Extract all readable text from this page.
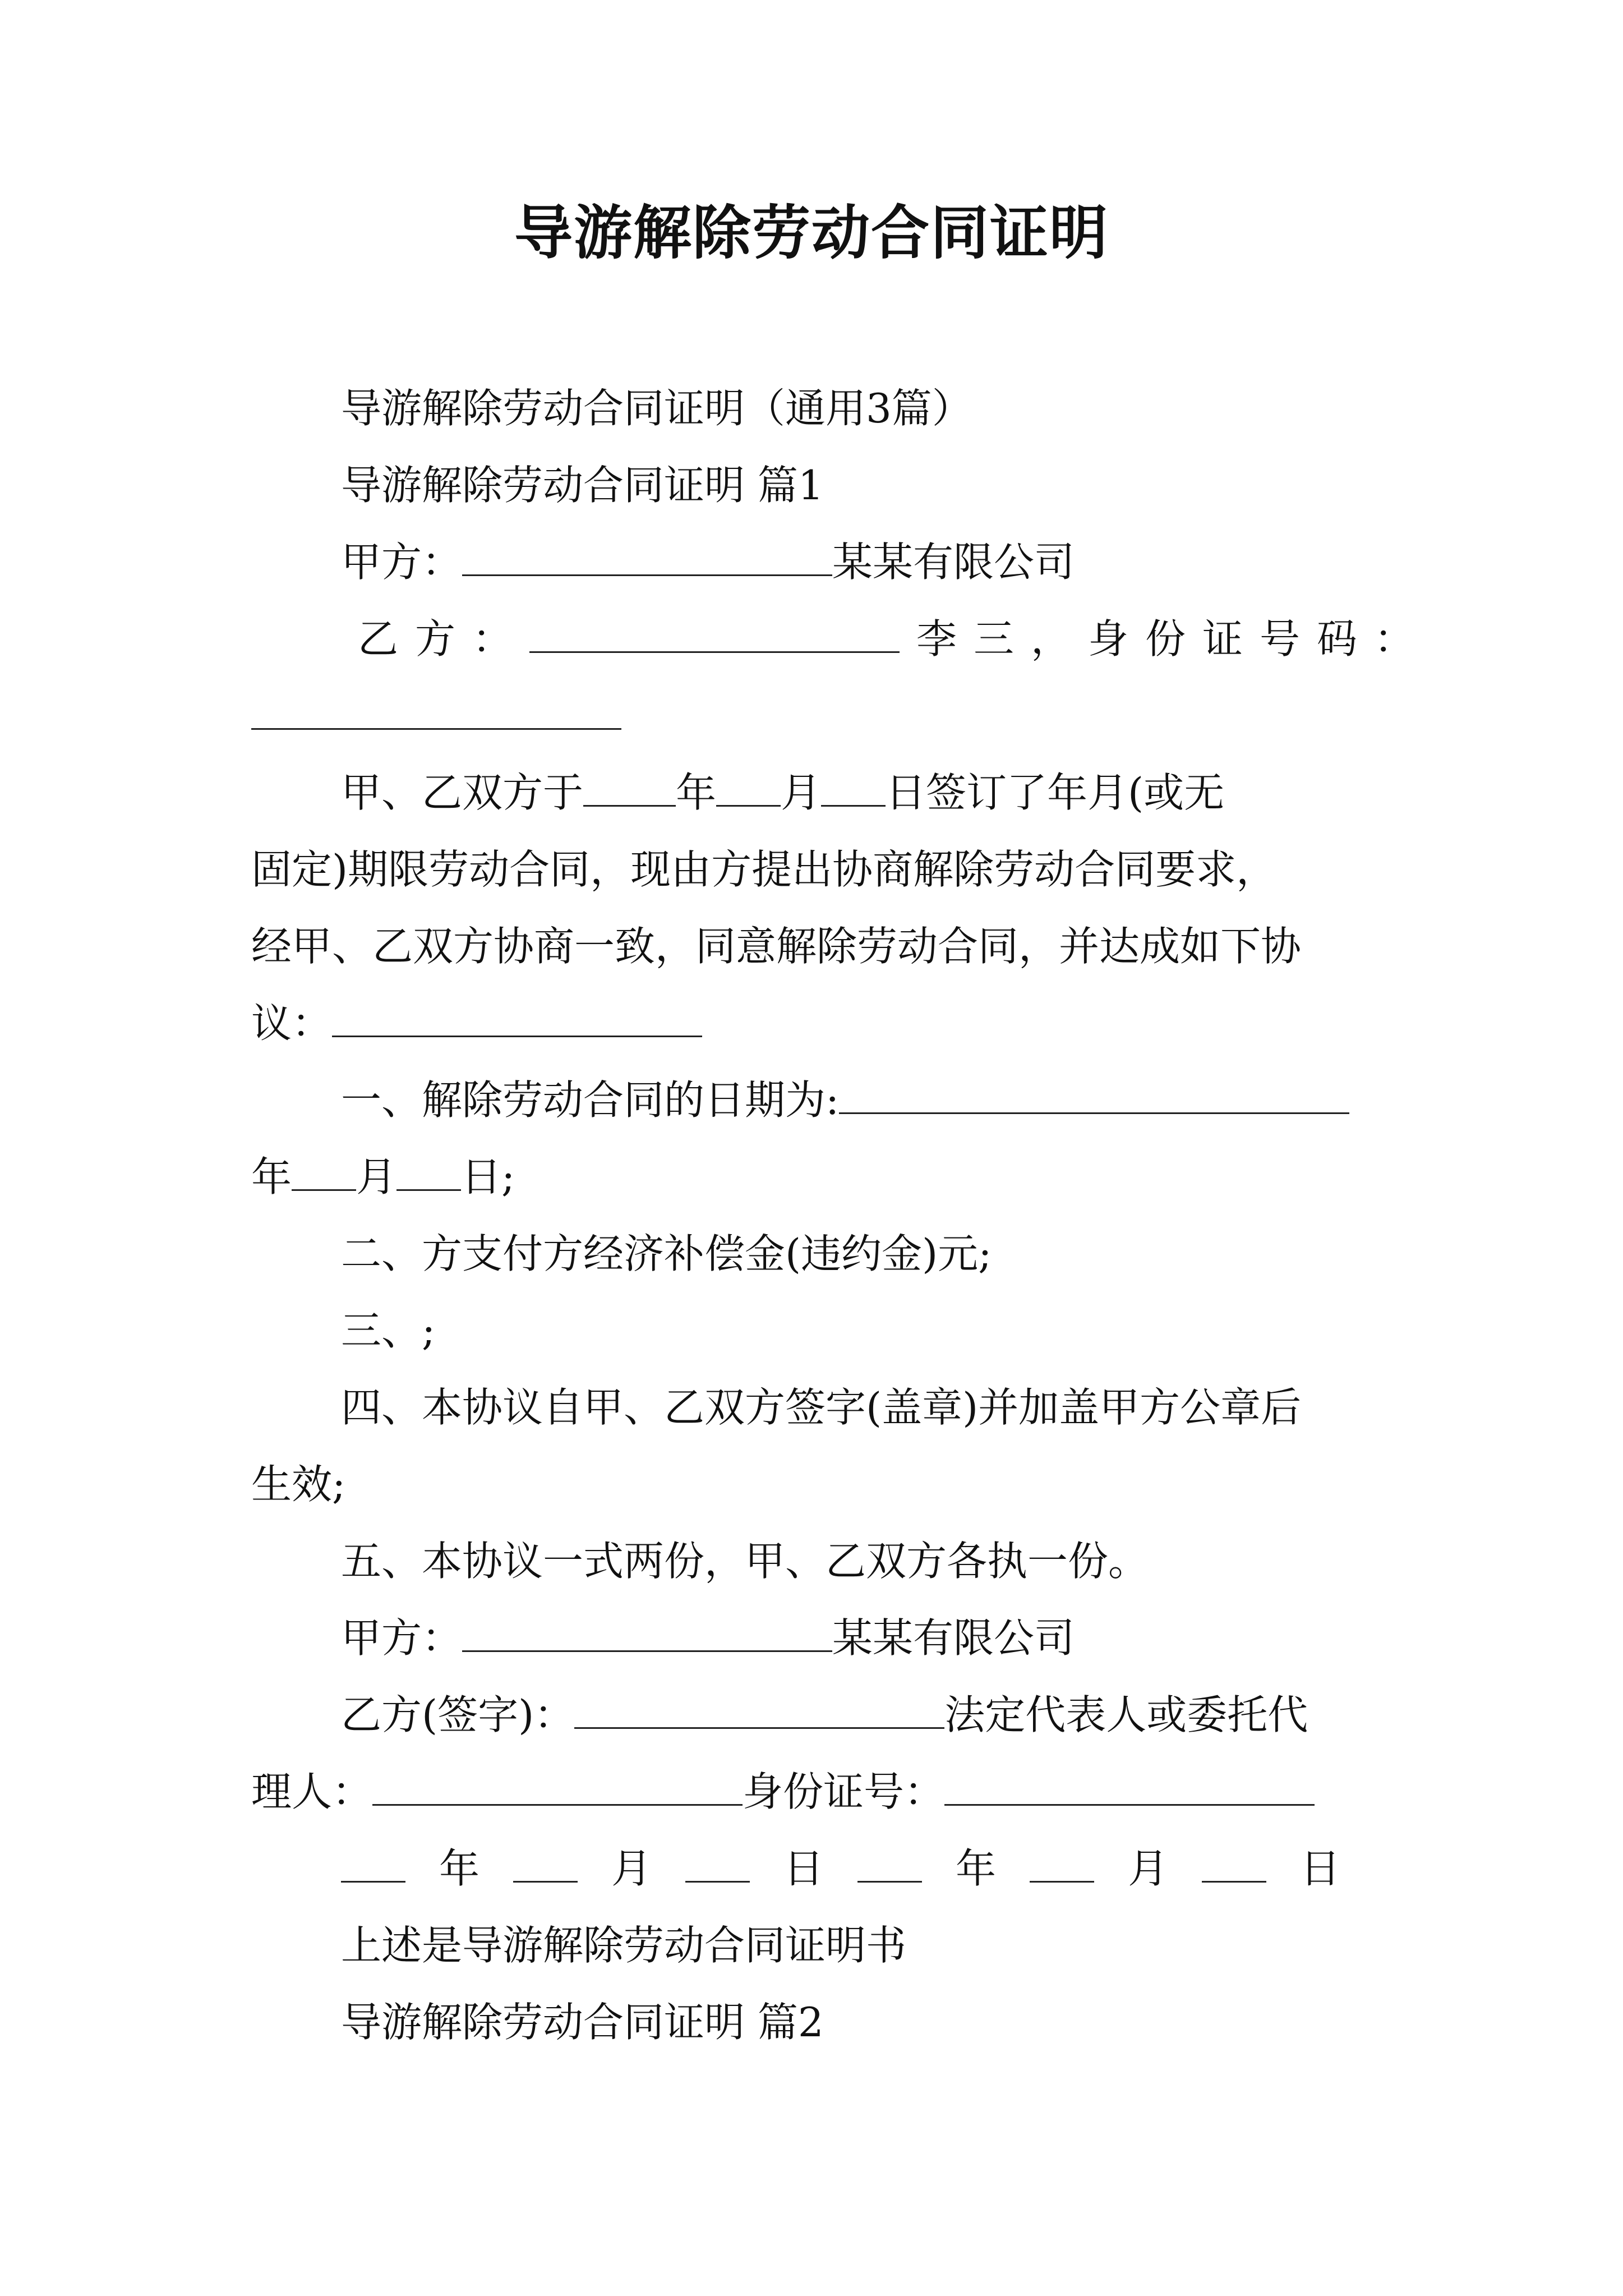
导游解除劳动合同证明
导游解除劳动合同证明（通用3篇）
导游解除劳动合同证明 篇1
甲方：	某某有限公司
乙方：	李三，身份证号码：
甲、乙双方于 年 月 日签订了年月(或无
固定)期限劳动合同，现由方提出协商解除劳动合同要求，
经甲、乙双方协商一致，同意解除劳动合同，并达成如下协
议：
一、解除劳动合同的日期为:
年 月 日;
二、方支付方经济补偿金(违约金)元;
三、;
四、本协议自甲、乙双方签字(盖章)并加盖甲方公章后
生效;
五、本协议一式两份，甲、乙双方各执一份。
甲方：	某某有限公司
乙方(签字)：	法定代表人或委托代
理人：	身份证号：
年	月	日	年	月	日
上述是导游解除劳动合同证明书
导游解除劳动合同证明 篇2
